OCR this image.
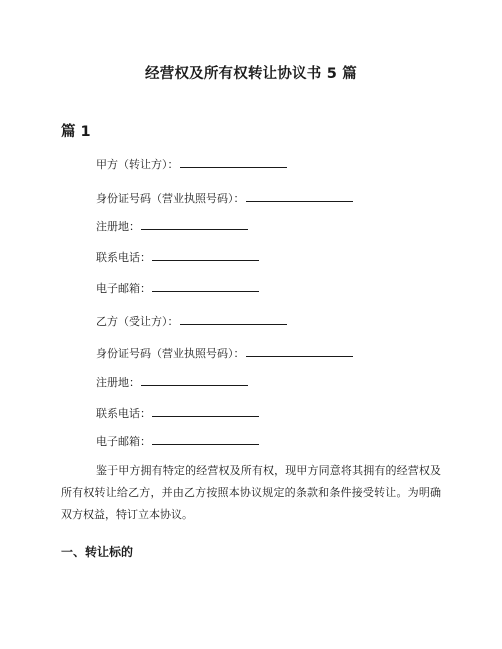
经营权及所有权转让协议书 5 篇
篇 1
甲方（转让方）：
身份证号码（营业执照号码）：
注册地：
联系电话：
电子邮箱：
乙方（受让方）：
身份证号码（营业执照号码）：
注册地：
联系电话：
电子邮箱：
鉴于甲方拥有特定的经营权及所有权，现甲方同意将其拥有的经营权及所有权转让给乙方，并由乙方按照本协议规定的条款和条件接受转让。为明确双方权益，特订立本协议。
一、转让标的
